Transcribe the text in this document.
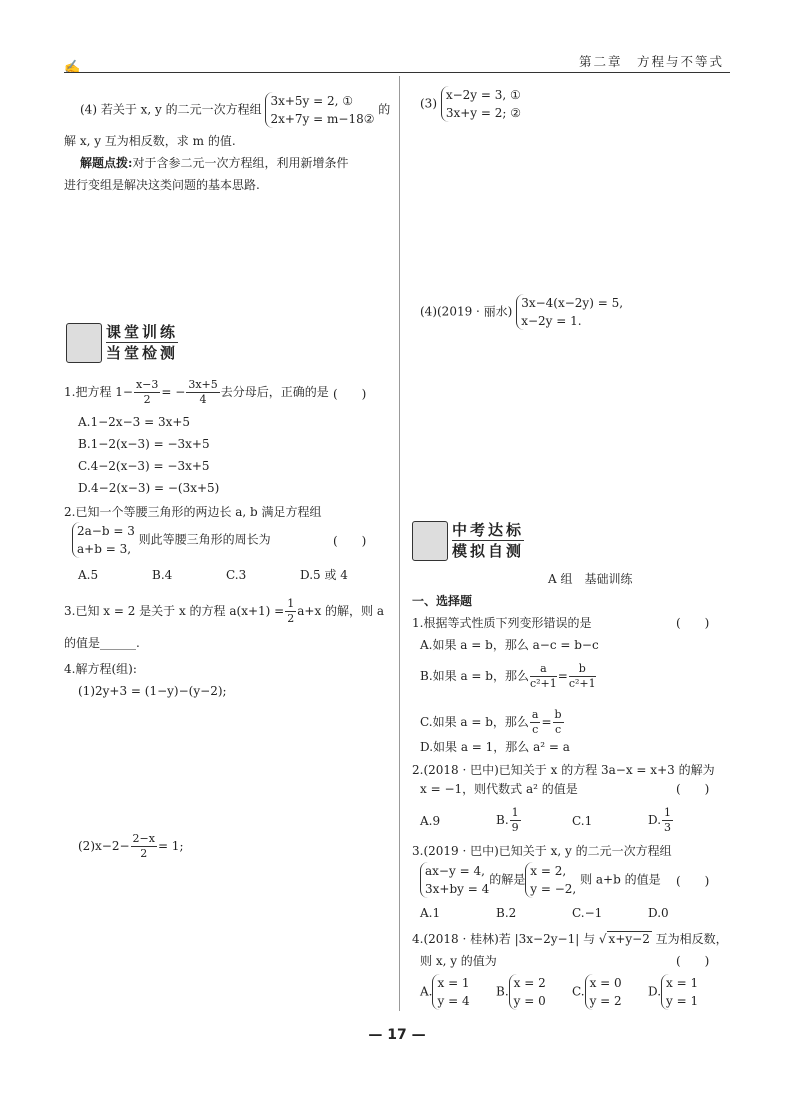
✍	第二章　方程与不等式
(4) 若关于 x, y 的二元一次方程组
3x+5y = 2, ①
2x+7y = m−18②
的
解 x, y 互为相反数，求 m 的值.
解题点拨:对于含参二元一次方程组，利用新增条件
进行变组是解决这类问题的基本思路.
课堂训练
当堂检测
1.把方程 $1- \frac{x-3}{2}$ = − $\frac{3x+5}{4}$ 去分母后，正确的是 (　　)
A.1−2x−3 = 3x+5
B.1−2(x−3) = −3x+5
C.4−2(x−3) = −3x+5
D.4−2(x−3) = −(3x+5)
2.已知一个等腰三角形的两边长 a, b 满足方程组
2a−b = 3
a+b = 3,
则此等腰三角形的周长为	(　　)
A.5	B.4	C.3	D.5 或 4
3.已知 x = 2 是关于 x 的方程 $a(x+1) = \frac{1}{2} a+x$ 的解，则 a
的值是______.
4.解方程(组):
(1)2y+3 = (1−y)−(y−2);
$(2)x-2- \frac{2-x}{2} = 1$;
(3)
x−2y = 3, ①
3x+y = 2; ②
(4)(2019 · 丽水)
3x−4(x−2y) = 5,
x−2y = 1.
中考达标
模拟自测
A 组　基础训练
一、选择题
1.根据等式性质下列变形错误的是	(　　)
A.如果 a = b，那么 a−c = b−c
B.如果 a = b，那么 $\frac{a}{\text{c²+1}} = \frac{b}{\text{c²+1}}$
C.如果 a = b，那么 $\frac{a}{c} = \frac{b}{c}$
D.如果 a = 1，那么 a² = a
2.(2018 · 巴中)已知关于 x 的方程 3a−x = x+3 的解为
x = −1，则代数式 a² 的值是	(　　)
A.9	B. $\frac{1}{9}$	C.1	D. $\frac{1}{3}$
3.(2019 · 巴中)已知关于 x, y 的二元一次方程组
ax−y = 4,
3x+by = 4
的解是
x = 2,
y = −2,
则 a+b 的值是 (　　)
A.1	B.2	C.−1	D.0
4.(2018 · 桂林)若 |3x−2y−1| 与 √ x+y−2 互为相反数，
则 x, y 的值为	(　　)
A.
x = 1
y = 4
B.
x = 2
y = 0
C.
x = 0
y = 2
D.
x = 1
y = 1
— 17 —
